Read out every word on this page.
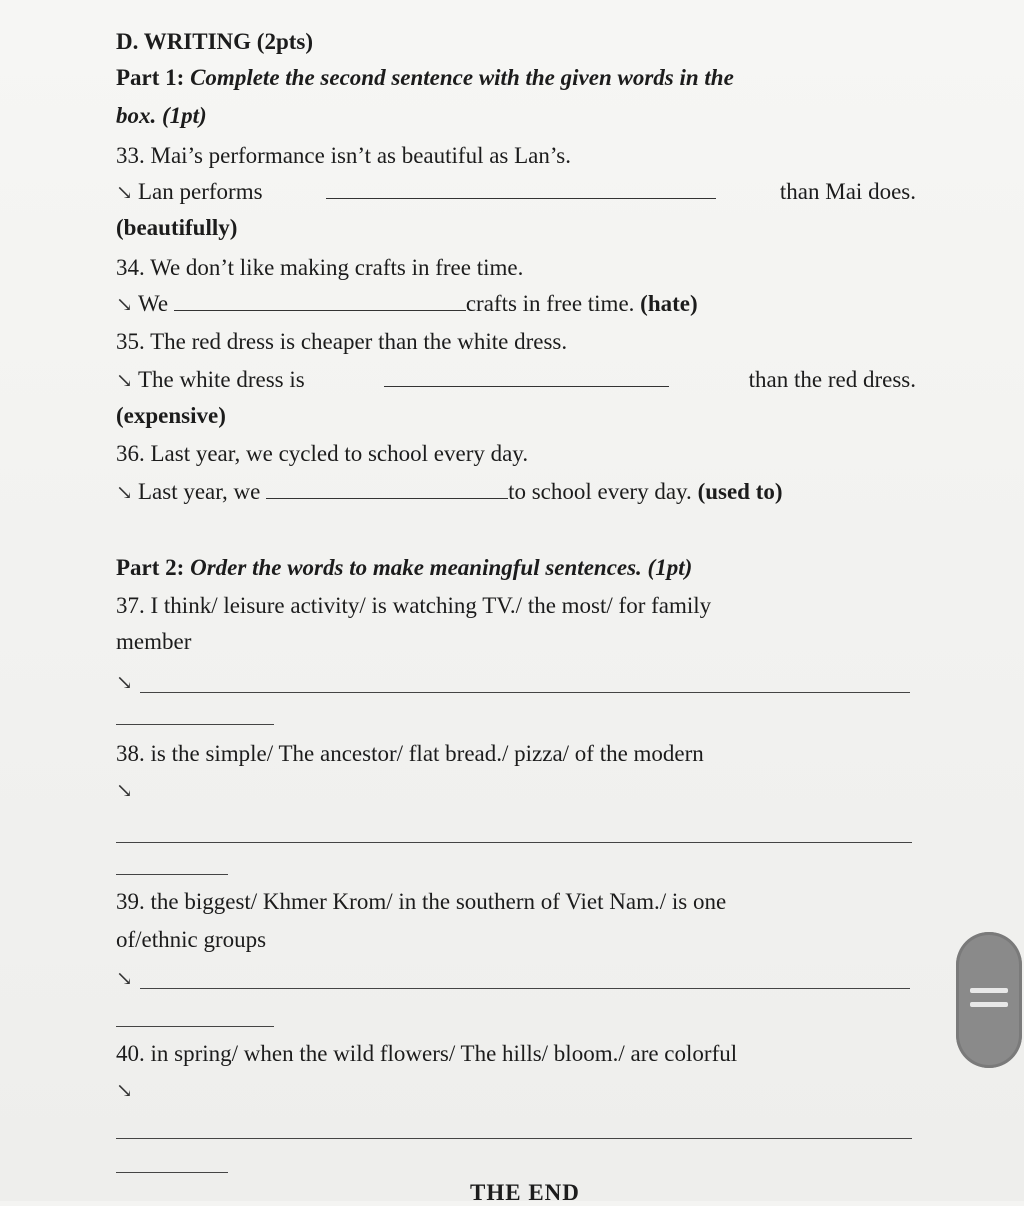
D. WRITING (2pts)
Part 1: Complete the second sentence with the given words in the
box. (1pt)
33. Mai’s performance isn’t as beautiful as Lan’s.
↘ Lan performs	than Mai does.
(beautifully)
34. We don’t like making crafts in free time.
↘ We	crafts in free time. (hate)
35. The red dress is cheaper than the white dress.
↘ The white dress is	than the red dress.
(expensive)
36. Last year, we cycled to school every day.
↘ Last year, we	to school every day. (used to)
Part 2: Order the words to make meaningful sentences. (1pt)
37. I think/ leisure activity/ is watching TV./ the most/ for family
member
↘
38. is the simple/ The ancestor/ flat bread./ pizza/ of the modern
↘
39. the biggest/ Khmer Krom/ in the southern of Viet Nam./ is one
of/ethnic groups
↘
40. in spring/ when the wild flowers/ The hills/ bloom./ are colorful
↘
THE END
